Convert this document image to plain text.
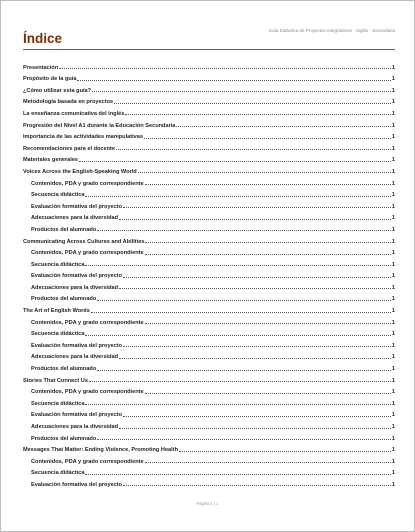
Guía Didáctica de Proyectos Integradores · Inglés · Secundaria
Índice
Presentación	1
Propósito de la guía	1
¿Cómo utilizar esta guía?	1
Metodología basada en proyectos	1
La enseñanza comunicativa del inglés	1
Progresión del Nivel A1 durante la Educación Secundaria	1
Importancia de las actividades manipulativas	1
Recomendaciones para el docente	1
Materiales generales	1
Voices Across the English-Speaking World	1
Contenidos, PDA y grado correspondiente	1
Secuencia didáctica	1
Evaluación formativa del proyecto	1
Adecuaciones para la diversidad	1
Productos del alumnado	1
Communicating Across Cultures and Abilities	1
Contenidos, PDA y grado correspondiente	1
Secuencia didáctica	1
Evaluación formativa del proyecto	1
Adecuaciones para la diversidad	1
Productos del alumnado	1
The Art of English Words	1
Contenidos, PDA y grado correspondiente	1
Secuencia didáctica	1
Evaluación formativa del proyecto	1
Adecuaciones para la diversidad	1
Productos del alumnado	1
Stories That Connect Us	1
Contenidos, PDA y grado correspondiente	1
Secuencia didáctica	1
Evaluación formativa del proyecto	1
Adecuaciones para la diversidad	1
Productos del alumnado	1
Messages That Matter: Ending Violence, Promoting Health	1
Contenidos, PDA y grado correspondiente	1
Secuencia didáctica	1
Evaluación formativa del proyecto	1
Página 1 | 1
